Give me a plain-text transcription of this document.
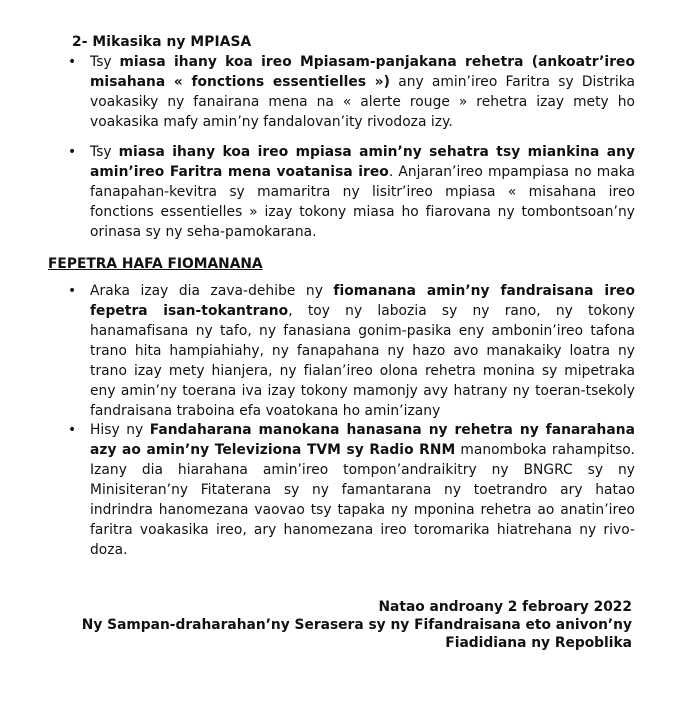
2- Mikasika ny MPIASA
• Tsy miasa ihany koa ireo Mpiasam-panjakana rehetra (ankoatr’ireo misahana « fonctions essentielles ») any amin’ireo Faritra sy Distrika voakasiky ny fanairana mena na « alerte rouge » rehetra izay mety ho voakasika mafy amin’ny fandalovan’ity rivodoza izy.

• Tsy miasa ihany koa ireo mpiasa amin’ny sehatra tsy miankina any amin’ireo Faritra mena voatanisa ireo. Anjaran’ireo mpampiasa no maka fanapahan-kevitra sy mamaritra ny lisitr’ireo mpiasa « misahana ireo fonctions essentielles » izay tokony miasa ho fiarovana ny tombontsoan’ny orinasa sy ny seha-pamokarana.

FEPETRA HAFA FIOMANANA
• Araka izay dia zava-dehibe ny fiomanana amin’ny fandraisana ireo fepetra isan-tokantrano, toy ny labozia sy ny rano, ny tokony hanamafisana ny tafo, ny fanasiana gonim-pasika eny ambonin’ireo tafona trano hita hampiahiahy, ny fanapahana ny hazo avo manakaiky loatra ny trano izay mety hianjera, ny fialan’ireo olona rehetra monina sy mipetraka eny amin’ny toerana iva izay tokony mamonjy avy hatrany ny toeran-tsekoly fandraisana traboina efa voatokana ho amin’izany

• Hisy ny Fandaharana manokana hanasana ny rehetra ny fanarahana azy ao amin’ny Televiziona TVM sy Radio RNM manomboka rahampitso. Izany dia hiarahana amin’ireo tompon’andraikitry ny BNGRC sy ny Minisiteran’ny Fitaterana sy ny famantarana ny toetrandro ary hatao indrindra hanomezana vaovao tsy tapaka ny mponina rehetra ao anatin’ireo faritra voakasika ireo, ary hanomezana ireo toromarika hiatrehana ny rivo-doza.

Natao androany 2 febroary 2022
Ny Sampan-draharahan’ny Serasera sy ny Fifandraisana eto anivon’ny
Fiadidiana ny Repoblika
